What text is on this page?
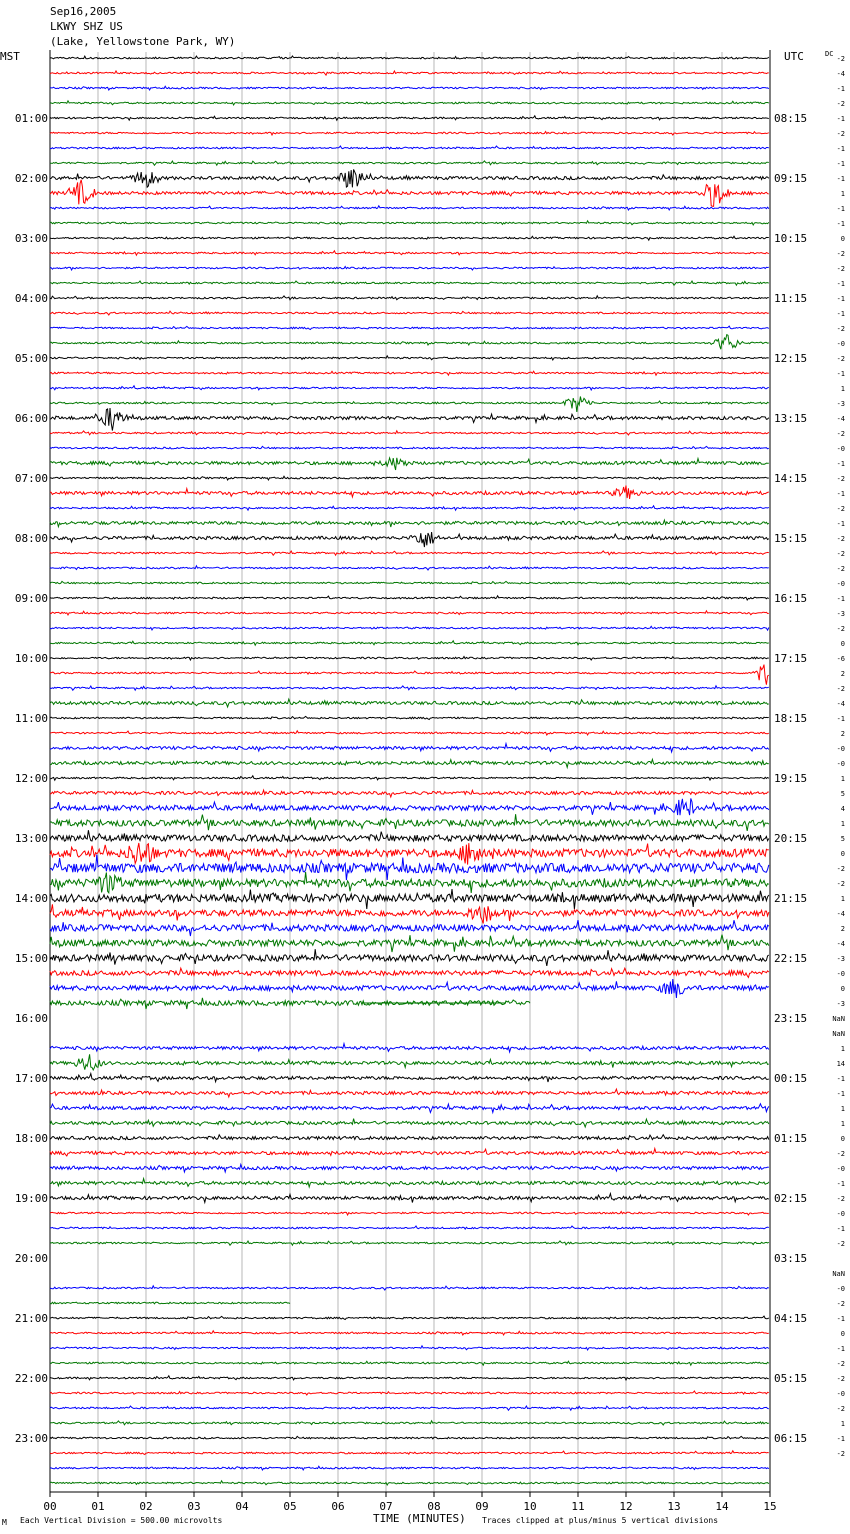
Sep16,2005
LKWY SHZ US
(Lake, Yellowstone Park, WY)
MST	UTC
01:00
02:00
03:00
04:00
05:00
06:00
07:00
08:00
09:00
10:00
11:00
12:00
13:00
14:00
15:00
16:00
17:00
18:00
19:00
20:00
21:00
22:00
23:00
08:15
09:15
10:15
11:15
12:15
13:15
14:15
15:15
16:15
17:15
18:15
19:15
20:15
21:15
22:15
23:15
00:15
01:15
02:15
03:15
04:15
05:15
06:15
DC
-2
-4
-1
-2
-1
-2
-1
-1
-1
1
-1
-1
0
-2
-2
-1
-1
-1
-2
-0
-2
-1
1
-3
-4
-2
-0
-1
-2
-1
-2
-1
-2
-2
-2
-0
-1
-3
-2
0
-6
2
-2
-4
-1
2
-0
-0
1
5
4
1
5
0
-2
-2
1
-4
2
-4
-3
-0
0
-3
NaN
NaN
1
14
-1
-1
1
1
0
-2
-0
-1
-2
-0
-1
-2
NaN
-0
-2
-1
0
-1
-2
-2
-0
-2
1
-1
-2
00	01	02	03	04	05	06	07	08	09	10	11	12	13	14	15
M Each Vertical Division = 500.00 microvolts	TIME (MINUTES) Traces clipped at plus/minus 5 vertical divisions
